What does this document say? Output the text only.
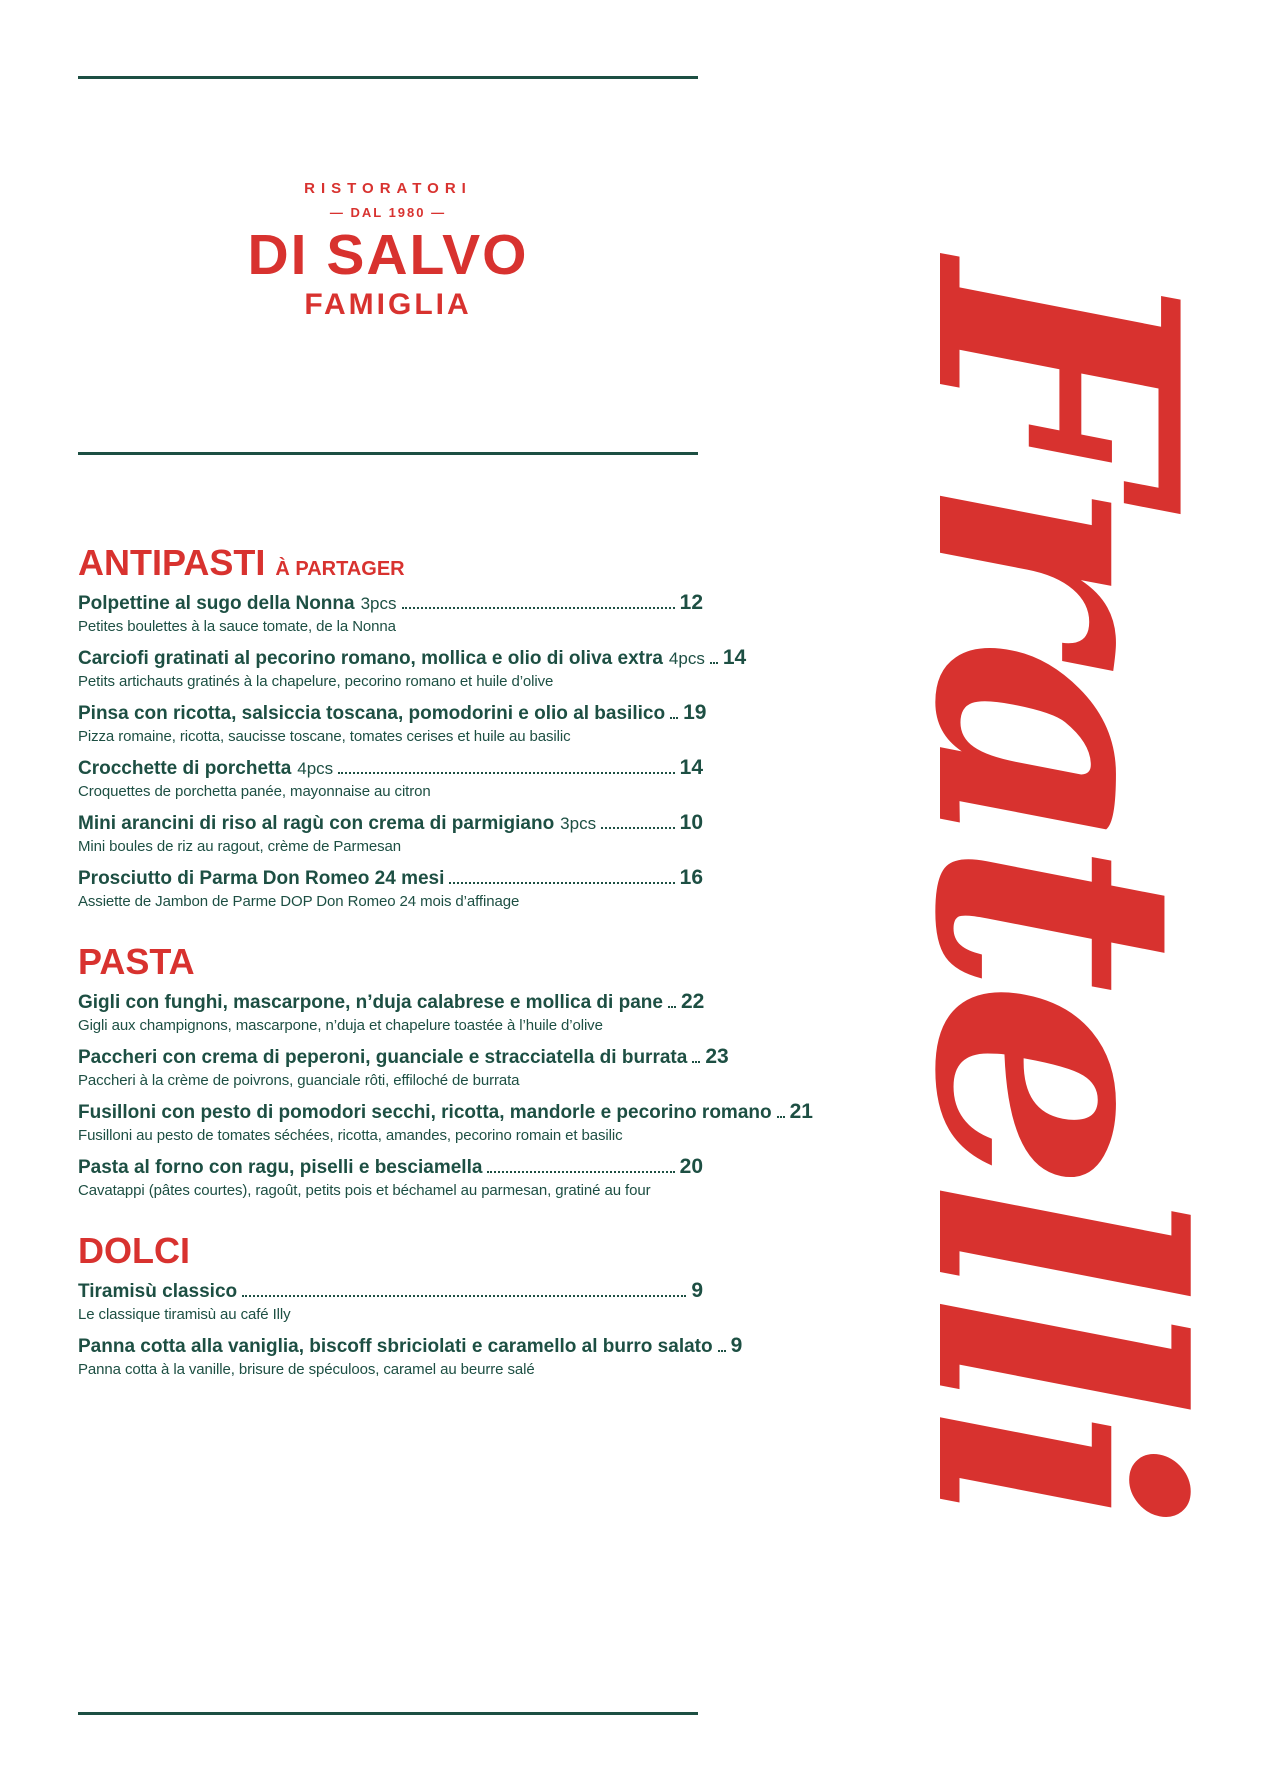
Fratelli
RISTORATORI
— DAL 1980 —
DI SALVO
FAMIGLIA
ANTIPASTI À PARTAGER
Polpettine al sugo della Nonna 3pcs	12
Petites boulettes à la sauce tomate, de la Nonna
Carciofi gratinati al pecorino romano, mollica e olio di oliva extra 4pcs 14
Petits artichauts gratinés à la chapelure, pecorino romano et huile d’olive
Pinsa con ricotta, salsiccia toscana, pomodorini e olio al basilico 19
Pizza romaine, ricotta, saucisse toscane, tomates cerises et huile au basilic
Crocchette di porchetta 4pcs	14
Croquettes de porchetta panée, mayonnaise au citron
Mini arancini di riso al ragù con crema di parmigiano 3pcs	10
Mini boules de riz au ragout, crème de Parmesan
Prosciutto di Parma Don Romeo 24 mesi	16
Assiette de Jambon de Parme DOP Don Romeo 24 mois d’affinage
PASTA
Gigli con funghi, mascarpone, n’duja calabrese e mollica di pane 22
Gigli aux champignons, mascarpone, n’duja et chapelure toastée à l’huile d’olive
Paccheri con crema di peperoni, guanciale e stracciatella di burrata 23
Paccheri à la crème de poivrons, guanciale rôti, effiloché de burrata
Fusilloni con pesto di pomodori secchi, ricotta, mandorle e pecorino romano 21
Fusilloni au pesto de tomates séchées, ricotta, amandes, pecorino romain et basilic
Pasta al forno con ragu, piselli e besciamella	20
Cavatappi (pâtes courtes), ragoût, petits pois et béchamel au parmesan, gratiné au four
DOLCI
Tiramisù classico	9
Le classique tiramisù au café Illy
Panna cotta alla vaniglia, biscoff sbriciolati e caramello al burro salato 9
Panna cotta à la vanille, brisure de spéculoos, caramel au beurre salé
